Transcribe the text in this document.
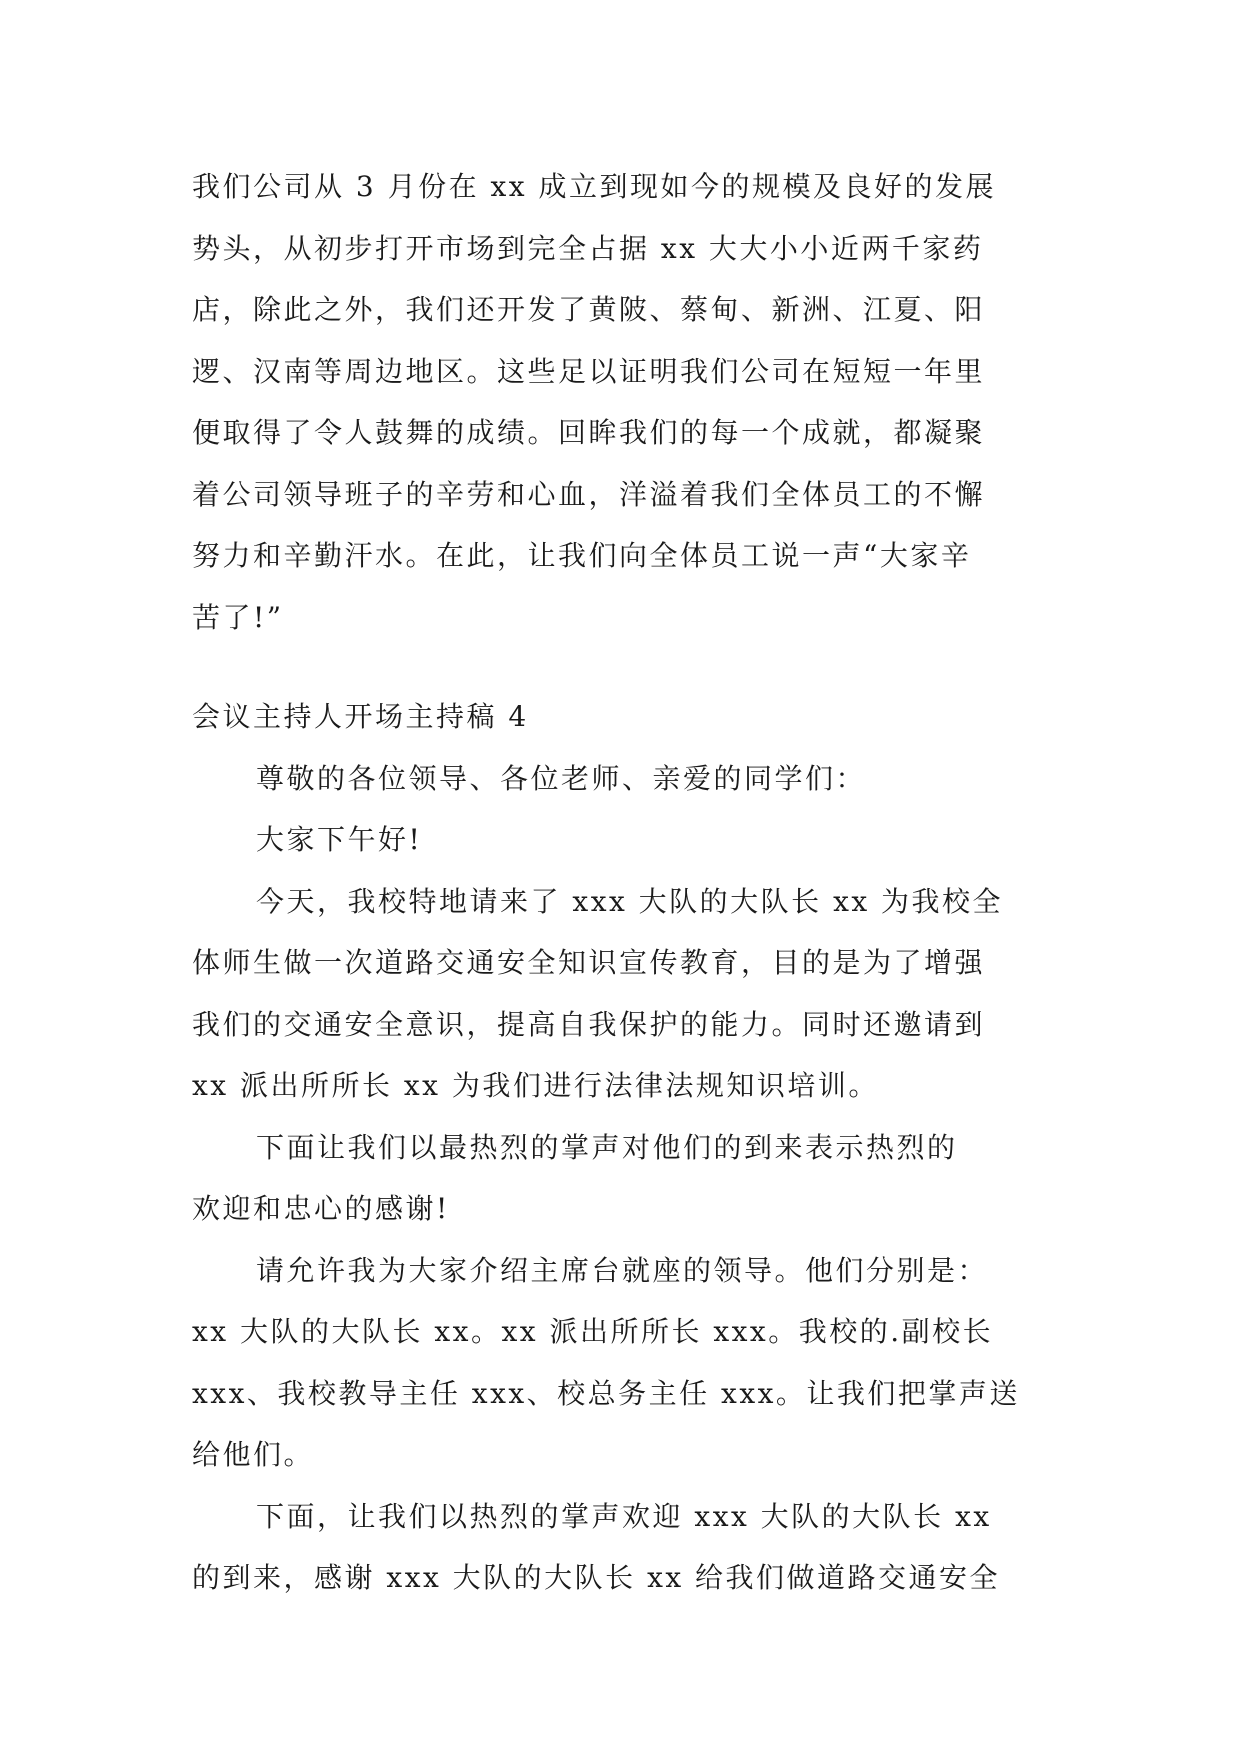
我们公司从 3 月份在 xx 成立到现如今的规模及良好的发展
势头，从初步打开市场到完全占据 xx 大大小小近两千家药
店，除此之外，我们还开发了黄陂、蔡甸、新洲、江夏、阳
逻、汉南等周边地区。这些足以证明我们公司在短短一年里
便取得了令人鼓舞的成绩。回眸我们的每一个成就，都凝聚
着公司领导班子的辛劳和心血，洋溢着我们全体员工的不懈
努力和辛勤汗水。在此，让我们向全体员工说一声“大家辛
苦了!”
会议主持人开场主持稿 4
尊敬的各位领导、各位老师、亲爱的同学们：
大家下午好!
今天，我校特地请来了 xxx 大队的大队长 xx 为我校全
体师生做一次道路交通安全知识宣传教育，目的是为了增强
我们的交通安全意识，提高自我保护的能力。同时还邀请到
xx 派出所所长 xx 为我们进行法律法规知识培训。
下面让我们以最热烈的掌声对他们的到来表示热烈的
欢迎和忠心的感谢!
请允许我为大家介绍主席台就座的领导。他们分别是：
xx 大队的大队长 xx。xx 派出所所长 xxx。我校的.副校长
xxx、我校教导主任 xxx、校总务主任 xxx。让我们把掌声送
给他们。
下面，让我们以热烈的掌声欢迎 xxx 大队的大队长 xx
的到来，感谢 xxx 大队的大队长 xx 给我们做道路交通安全
